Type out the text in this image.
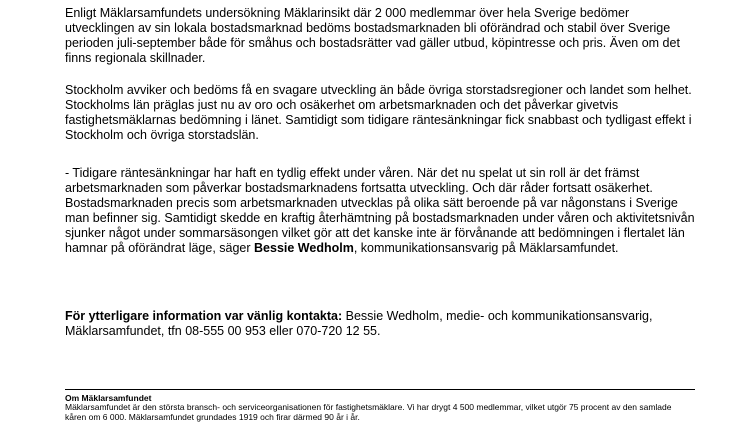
Enligt Mäklarsamfundets undersökning Mäklarinsikt där 2 000 medlemmar över hela Sverige bedömer utvecklingen av sin lokala bostadsmarknad bedöms bostadsmarknaden bli oförändrad och stabil över Sverige perioden juli-september både för småhus och bostadsrätter vad gäller utbud, köpintresse och pris. Även om det finns regionala skillnader.

Stockholm avviker och bedöms få en svagare utveckling än både övriga storstadsregioner och landet som helhet. Stockholms län präglas just nu av oro och osäkerhet om arbetsmarknaden och det påverkar givetvis fastighetsmäklarnas bedömning i länet. Samtidigt som tidigare räntesänkningar fick snabbast och tydligast effekt i Stockholm och övriga storstadslän.

- Tidigare räntesänkningar har haft en tydlig effekt under våren. När det nu spelat ut sin roll är det främst arbetsmarknaden som påverkar bostadsmarknadens fortsatta utveckling. Och där råder fortsatt osäkerhet. Bostadsmarknaden precis som arbetsmarknaden utvecklas på olika sätt beroende på var någonstans i Sverige man befinner sig. Samtidigt skedde en kraftig återhämtning på bostadsmarknaden under våren och aktivitetsnivån sjunker något under sommarsäsongen vilket gör att det kanske inte är förvånande att bedömningen i flertalet län hamnar på oförändrat läge, säger Bessie Wedholm, kommunikationsansvarig på Mäklarsamfundet.

För ytterligare information var vänlig kontakta: Bessie Wedholm, medie- och kommunikationsansvarig, Mäklarsamfundet, tfn 08-555 00 953 eller 070-720 12 55.

Om Mäklarsamfundet
Mäklarsamfundet är den största bransch- och serviceorganisationen för fastighetsmäklare. Vi har drygt 4 500 medlemmar, vilket utgör 75 procent av den samlade kåren om 6 000. Mäklarsamfundet grundades 1919 och firar därmed 90 år i år.
